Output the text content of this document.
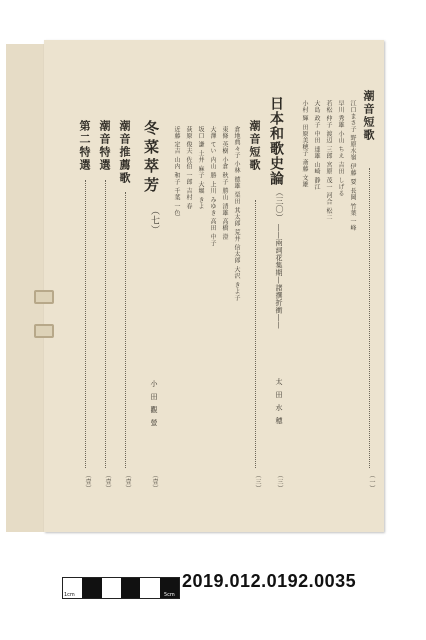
潮音短歌
（一）
江口まさ子 野原水嶺 伊藤 要 長岡 竹葉 一峰
早川 秀雄 小山 ちえ 吉田 しげる
若松 仲子 渡辺 三郎 宮原 茂一 河合 松二
大島 政子 中田 達雄 山崎 静江
小村 輝 田原美穂子 斎藤 文雄
日本和歌史論
（三〇）
――兩詞花集期―諸撰折衝――
太田水穂
（三）
潮音短歌
（三）
倉地典々子 小林 徳雄 栗田 其太郎 荒井 信太郎 大沢 きよ子
東條 英樹 小倉 秋子 勝山 清雄 高橋 澄
大澤 てい 内山 勝 上川 みゆき 高田 中子
坂口 謙 土井 麻子 大堀 きよ
荻原 俊夫 佐伯 一郎 吉村 春
近藤 定吉 山内 和子 千葉 一色
冬菜萃芳
（七）
小田觀螢
（壹）
潮音推薦歌
（壹）
潮音特選
（壹）
第二特選
（壹）
1cm	5cm
2019.012.0192.0035
